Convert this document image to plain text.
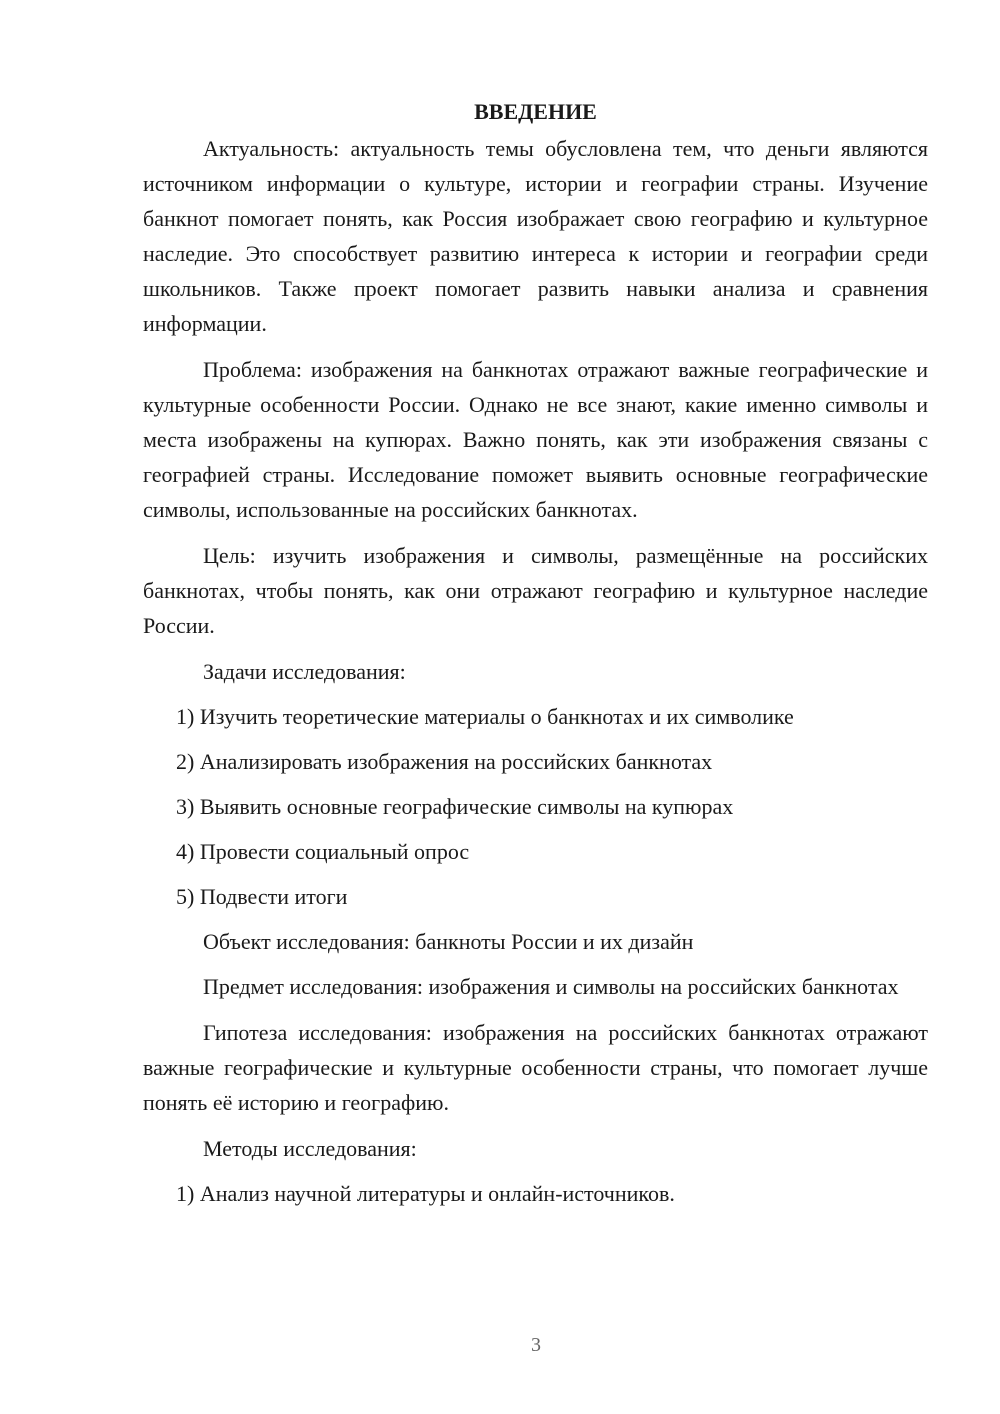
ВВЕДЕНИЕ

Актуальность: актуальность темы обусловлена тем, что деньги являются источником информации о культуре, истории и географии страны. Изучение банкнот помогает понять, как Россия изображает свою географию и культурное наследие. Это способствует развитию интереса к истории и географии среди школьников. Также проект помогает развить навыки анализа и сравнения информации.

Проблема: изображения на банкнотах отражают важные географические и культурные особенности России. Однако не все знают, какие именно символы и места изображены на купюрах. Важно понять, как эти изображения связаны с географией страны. Исследование поможет выявить основные географические символы, использованные на российских банкнотах.

Цель: изучить изображения и символы, размещённые на российских банкнотах, чтобы понять, как они отражают географию и культурное наследие России.

Задачи исследования:

1) Изучить теоретические материалы о банкнотах и их символике

2) Анализировать изображения на российских банкнотах

3) Выявить основные географические символы на купюрах

4) Провести социальный опрос

5) Подвести итоги

Объект исследования: банкноты России и их дизайн

Предмет исследования: изображения и символы на российских банкнотах

Гипотеза исследования: изображения на российских банкнотах отражают важные географические и культурные особенности страны, что помогает лучше понять её историю и географию.

Методы исследования:

1) Анализ научной литературы и онлайн-источников.

3
